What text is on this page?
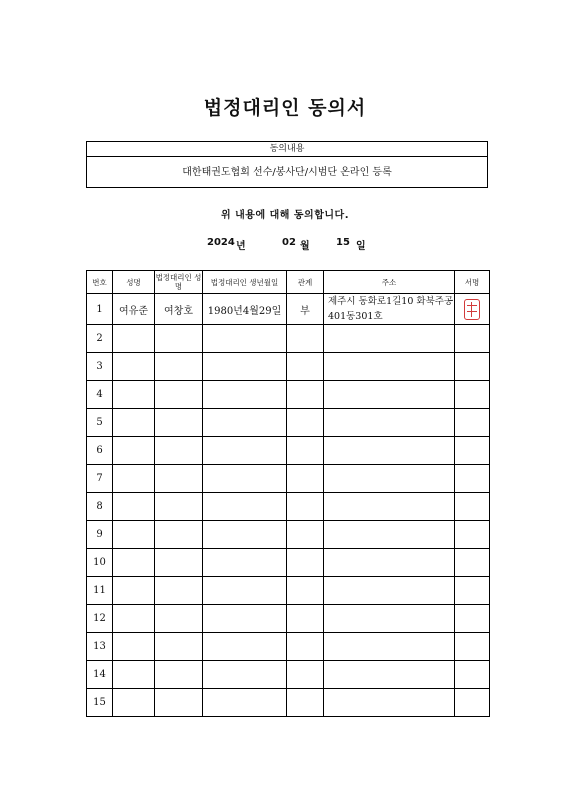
법정대리인 동의서
동의내용
대한태권도협회 선수/봉사단/시범단 온라인 등록
위 내용에 대해 동의합니다.
2024 년	02 월	15 일
번호	성명	법정대리인 성명	법정대리인 생년월일	관계	주소	서명
1	여유준	여창호	1980년4월29일	부	제주시 동화로1길10 화북주공401동301호	

2						
3						
4						
5						
6						
7						
8						
9						
10						
11						
12						
13						
14						
15						
